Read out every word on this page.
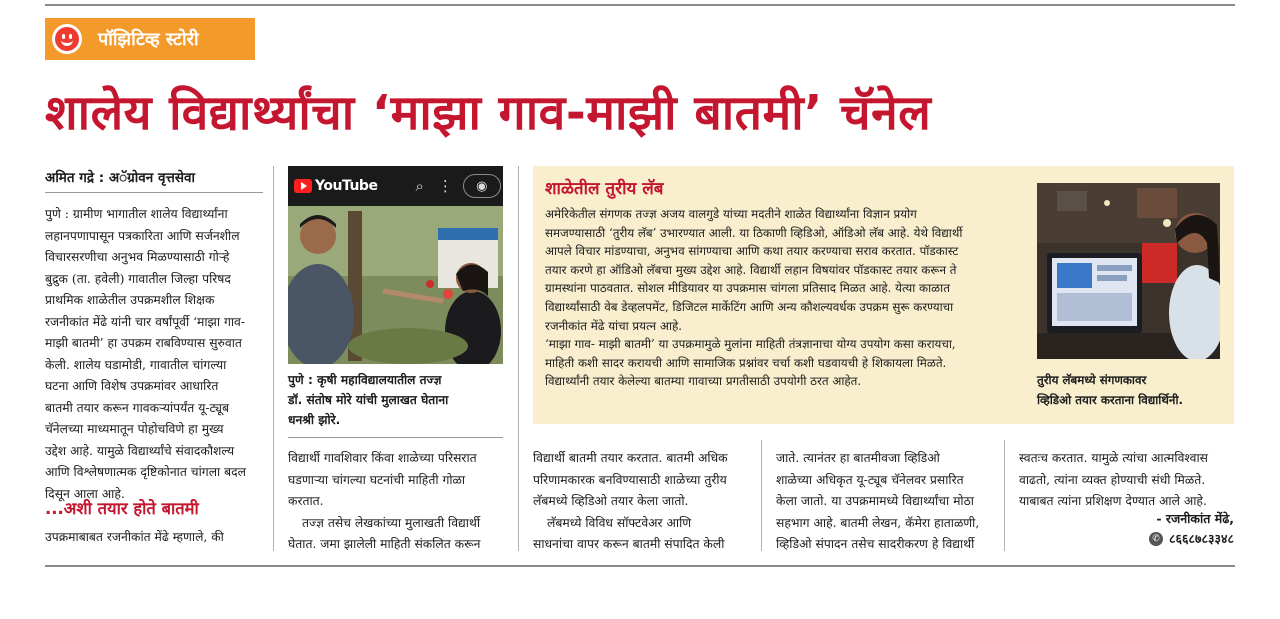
पॉझिटिव्ह स्टोरी
शालेय विद्यार्थ्यांचा ‘माझा गाव-माझी बातमी’ चॅनेल
अमित गद्रे : अॅग्रोवन वृत्तसेवा
पुणे : ग्रामीण भागातील शालेय विद्यार्थ्यांना
लहानपणापासून पत्रकारिता आणि सर्जनशील
विचारसरणीचा अनुभव मिळण्यासाठी गोऱ्हे
बुद्रुक (ता. हवेली) गावातील जिल्हा परिषद
प्राथमिक शाळेतील उपक्रमशील शिक्षक
रजनीकांत मेंढे यांनी चार वर्षांपूर्वी ‘माझा गाव-
माझी बातमी’ हा उपक्रम राबविण्यास सुरुवात
केली. शालेय घडामोडी, गावातील चांगल्या
घटना आणि विशेष उपक्रमांवर आधारित
बातमी तयार करून गावकऱ्यांपर्यंत यू-ट्यूब
चॅनेलच्या माध्यमातून पोहोचविणे हा मुख्य
उद्देश आहे. यामुळे विद्यार्थ्यांचे संवादकौशल्य
आणि विश्लेषणात्मक दृष्टिकोनात चांगला बदल
दिसून आला आहे.
...अशी तयार होते बातमी
उपक्रमाबाबत रजनीकांत मेंढे म्हणाले, की
YouTube	⌕ ⋮ ◉
पुणे : कृषी महाविद्यालयातील तज्ज्ञ
डॉ. संतोष मोरे यांची मुलाखत घेताना
धनश्री झोरे.
विद्यार्थी गावशिवार किंवा शाळेच्या परिसरात
घडणाऱ्या चांगल्या घटनांची माहिती गोळा
करतात.
तज्ज्ञ तसेच लेखकांच्या मुलाखती विद्यार्थी
घेतात. जमा झालेली माहिती संकलित करून
शाळेतील तुरीय लॅब
अमेरिकेतील संगणक तज्ज्ञ अजय वालगुडे यांच्या मदतीने शाळेत विद्यार्थ्यांना विज्ञान प्रयोग
समजण्यासाठी ‘तुरीय लॅब’ उभारण्यात आली. या ठिकाणी व्हिडिओ, ऑडिओ लॅब आहे. येथे विद्यार्थी
आपले विचार मांडण्याचा, अनुभव सांगण्याचा आणि कथा तयार करण्याचा सराव करतात. पॉडकास्ट
तयार करणे हा ऑडिओ लॅबचा मुख्य उद्देश आहे. विद्यार्थी लहान विषयांवर पॉडकास्ट तयार करून ते
ग्रामस्थांना पाठवतात. सोशल मीडियावर या उपक्रमास चांगला प्रतिसाद मिळत आहे. येत्या काळात
विद्यार्थ्यांसाठी वेब डेव्हलपमेंट, डिजिटल मार्केटिंग आणि अन्य कौशल्यवर्धक उपक्रम सुरू करण्याचा
रजनीकांत मेंढे यांचा प्रयत्न आहे.
‘माझा गाव- माझी बातमी’ या उपक्रमामुळे मुलांना माहिती तंत्रज्ञानाचा योग्य उपयोग कसा करायचा,
माहिती कशी सादर करायची आणि सामाजिक प्रश्नांवर चर्चा कशी घडवायची हे शिकायला मिळते.
विद्यार्थ्यांनी तयार केलेल्या बातम्या गावाच्या प्रगतीसाठी उपयोगी ठरत आहेत.	तुरीय लॅबमध्ये संगणकावर
व्हिडिओ तयार करताना विद्यार्थिनी.
विद्यार्थी बातमी तयार करतात. बातमी अधिक
परिणामकारक बनविण्यासाठी शाळेच्या तुरीय
लॅबमध्ये व्हिडिओ तयार केला जातो.
लॅबमध्ये विविध सॉफ्टवेअर आणि
साधनांचा वापर करून बातमी संपादित केली
जाते. त्यानंतर हा बातमीवजा व्हिडिओ
शाळेच्या अधिकृत यू-ट्यूब चॅनेलवर प्रसारित
केला जातो. या उपक्रमामध्ये विद्यार्थ्यांचा मोठा
सहभाग आहे. बातमी लेखन, कॅमेरा हाताळणी,
व्हिडिओ संपादन तसेच सादरीकरण हे विद्यार्थी
स्वतःच करतात. यामुळे त्यांचा आत्मविश्वास
वाढतो, त्यांना व्यक्त होण्याची संधी मिळते.
याबाबत त्यांना प्रशिक्षण देण्यात आले आहे.
- रजनीकांत मेंढे,
✆ ८६६८७८३३४८
